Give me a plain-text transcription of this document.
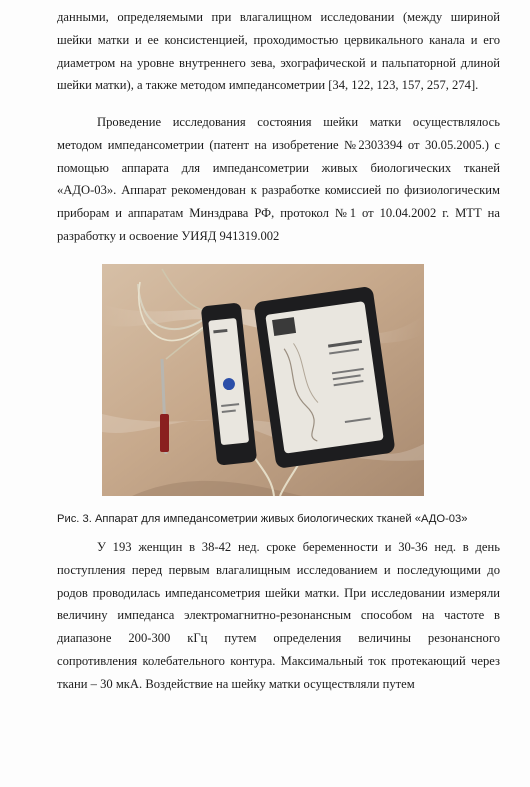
данными, определяемыми при влагалищном исследовании (между шириной шейки матки и ее консистенцией, проходимостью цервикального канала и его диаметром на уровне внутреннего зева, эхографической и пальпаторной длиной шейки матки), а также методом импедансометрии [34, 122, 123, 157, 257, 274].

Проведение исследования состояния шейки матки осуществлялось методом импедансометрии (патент на изобретение №2303394 от 30.05.2005.) с помощью аппарата для импедансометрии живых биологических тканей «АДО-03». Аппарат рекомендован к разработке комиссией по физиологическим приборам и аппаратам Минздрава РФ, протокол №1 от 10.04.2002 г. МТТ на разработку и освоение УИЯД 941319.002

Рис. 3. Аппарат для импедансометрии живых биологических тканей «АДО-03»

У 193 женщин в 38-42 нед. сроке беременности и 30-36 нед. в день поступления перед первым влагалищным исследованием и последующими до родов проводилась импедансометрия шейки матки. При исследовании измеряли величину импеданса электромагнитно-резонансным способом на частоте в диапазоне 200-300 кГц путем определения величины резонансного сопротивления колебательного контура. Максимальный ток протекающий через ткани – 30 мкА. Воздействие на шейку матки осуществляли путем
